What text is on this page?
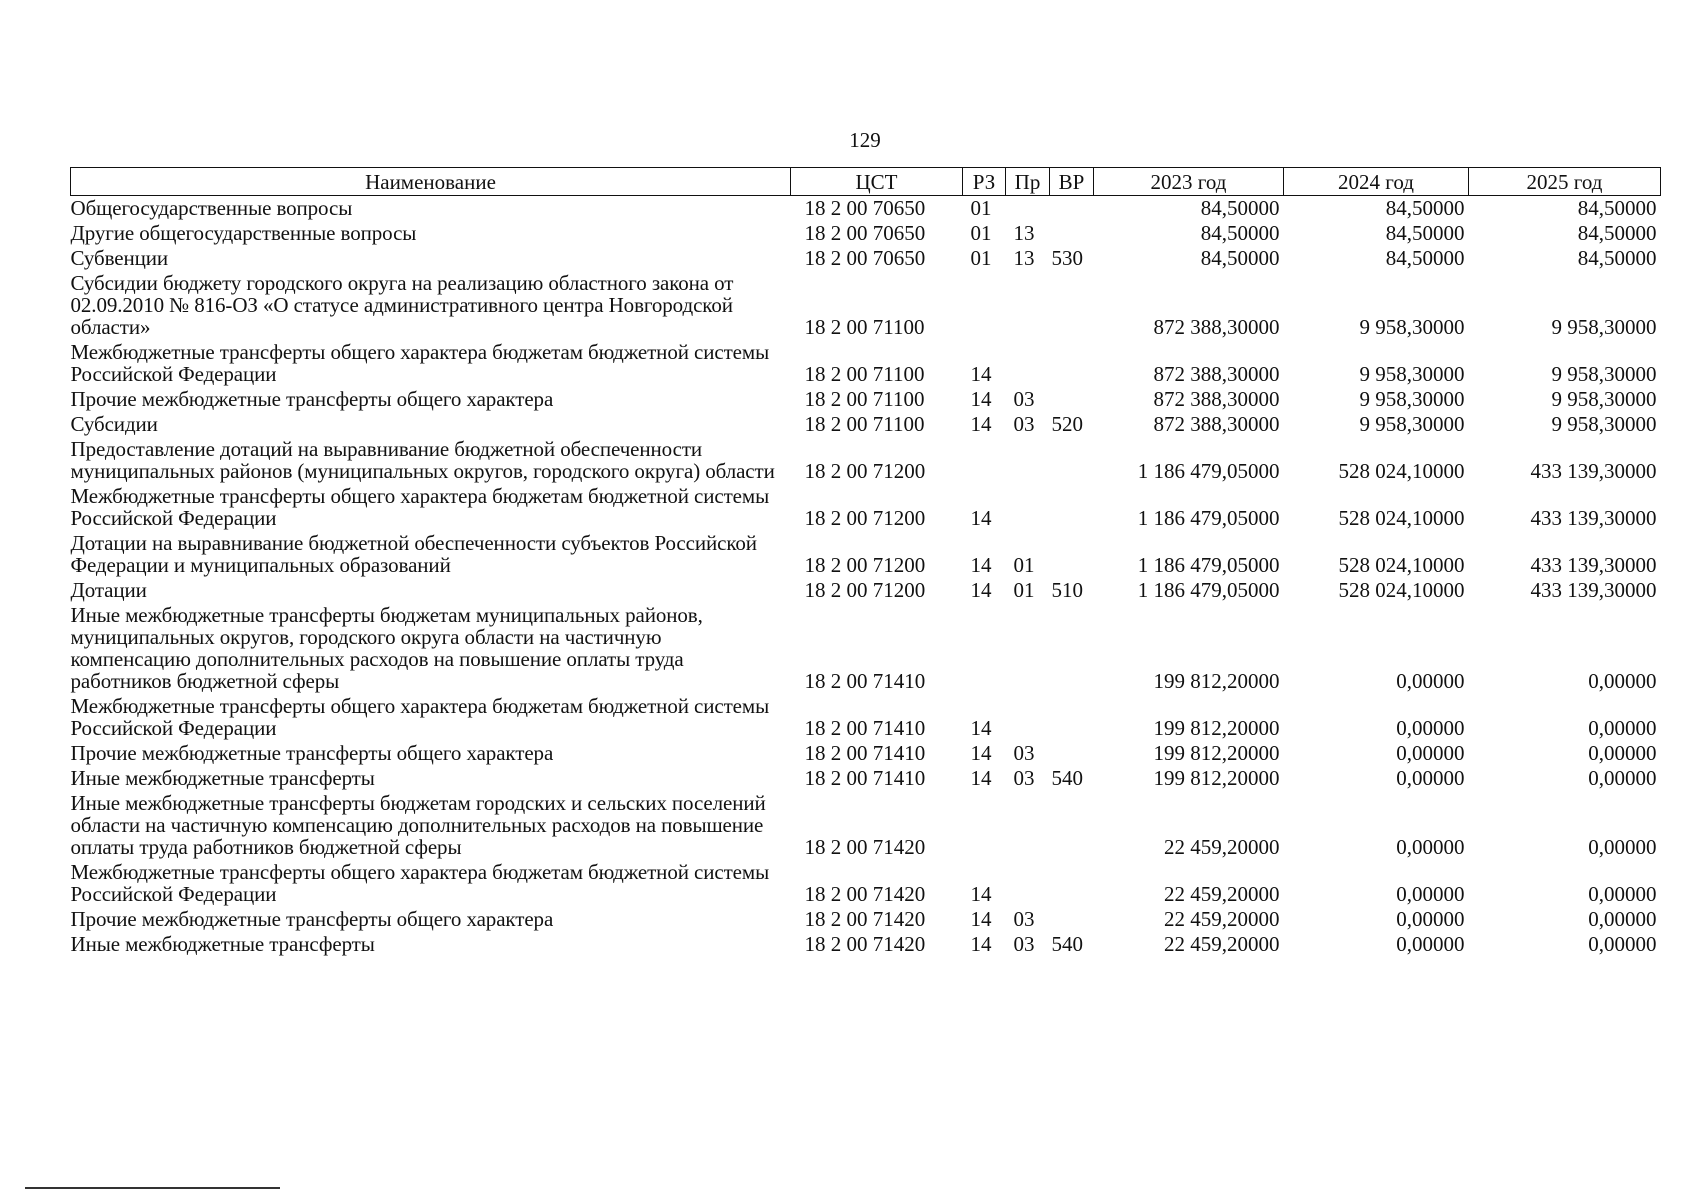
129
Наименование	ЦСТ	РЗ	Пр	ВР	2023 год	2024 год	2025 год
Общегосударственные вопросы	18 2 00 70650	01			84,50000	84,50000	84,50000
Другие общегосударственные вопросы	18 2 00 70650	01	13		84,50000	84,50000	84,50000
Субвенции	18 2 00 70650	01	13	530	84,50000	84,50000	84,50000
Субсидии бюджету городского округа на реализацию областного закона от 02.09.2010 № 816-ОЗ «О статусе административного центра Новгородской области»	18 2 00 71100				872 388,30000	9 958,30000	9 958,30000
Межбюджетные трансферты общего характера бюджетам бюджетной системы Российской Федерации	18 2 00 71100	14			872 388,30000	9 958,30000	9 958,30000
Прочие межбюджетные трансферты общего характера	18 2 00 71100	14	03		872 388,30000	9 958,30000	9 958,30000
Субсидии	18 2 00 71100	14	03	520	872 388,30000	9 958,30000	9 958,30000
Предоставление дотаций на выравнивание бюджетной обеспеченности муниципальных районов (муниципальных округов, городского округа) области	18 2 00 71200				1 186 479,05000	528 024,10000	433 139,30000
Межбюджетные трансферты общего характера бюджетам бюджетной системы Российской Федерации	18 2 00 71200	14			1 186 479,05000	528 024,10000	433 139,30000
Дотации на выравнивание бюджетной обеспеченности субъектов Российской Федерации и муниципальных образований	18 2 00 71200	14	01		1 186 479,05000	528 024,10000	433 139,30000
Дотации	18 2 00 71200	14	01	510	1 186 479,05000	528 024,10000	433 139,30000
Иные межбюджетные трансферты бюджетам муниципальных районов, муниципальных округов, городского округа области на частичную компенсацию дополнительных расходов на повышение оплаты труда работников бюджетной сферы	18 2 00 71410				199 812,20000	0,00000	0,00000
Межбюджетные трансферты общего характера бюджетам бюджетной системы Российской Федерации	18 2 00 71410	14			199 812,20000	0,00000	0,00000
Прочие межбюджетные трансферты общего характера	18 2 00 71410	14	03		199 812,20000	0,00000	0,00000
Иные межбюджетные трансферты	18 2 00 71410	14	03	540	199 812,20000	0,00000	0,00000
Иные межбюджетные трансферты бюджетам городских и сельских поселений области на частичную компенсацию дополнительных расходов на повышение оплаты труда работников бюджетной сферы	18 2 00 71420				22 459,20000	0,00000	0,00000
Межбюджетные трансферты общего характера бюджетам бюджетной системы Российской Федерации	18 2 00 71420	14			22 459,20000	0,00000	0,00000
Прочие межбюджетные трансферты общего характера	18 2 00 71420	14	03		22 459,20000	0,00000	0,00000
Иные межбюджетные трансферты	18 2 00 71420	14	03	540	22 459,20000	0,00000	0,00000
